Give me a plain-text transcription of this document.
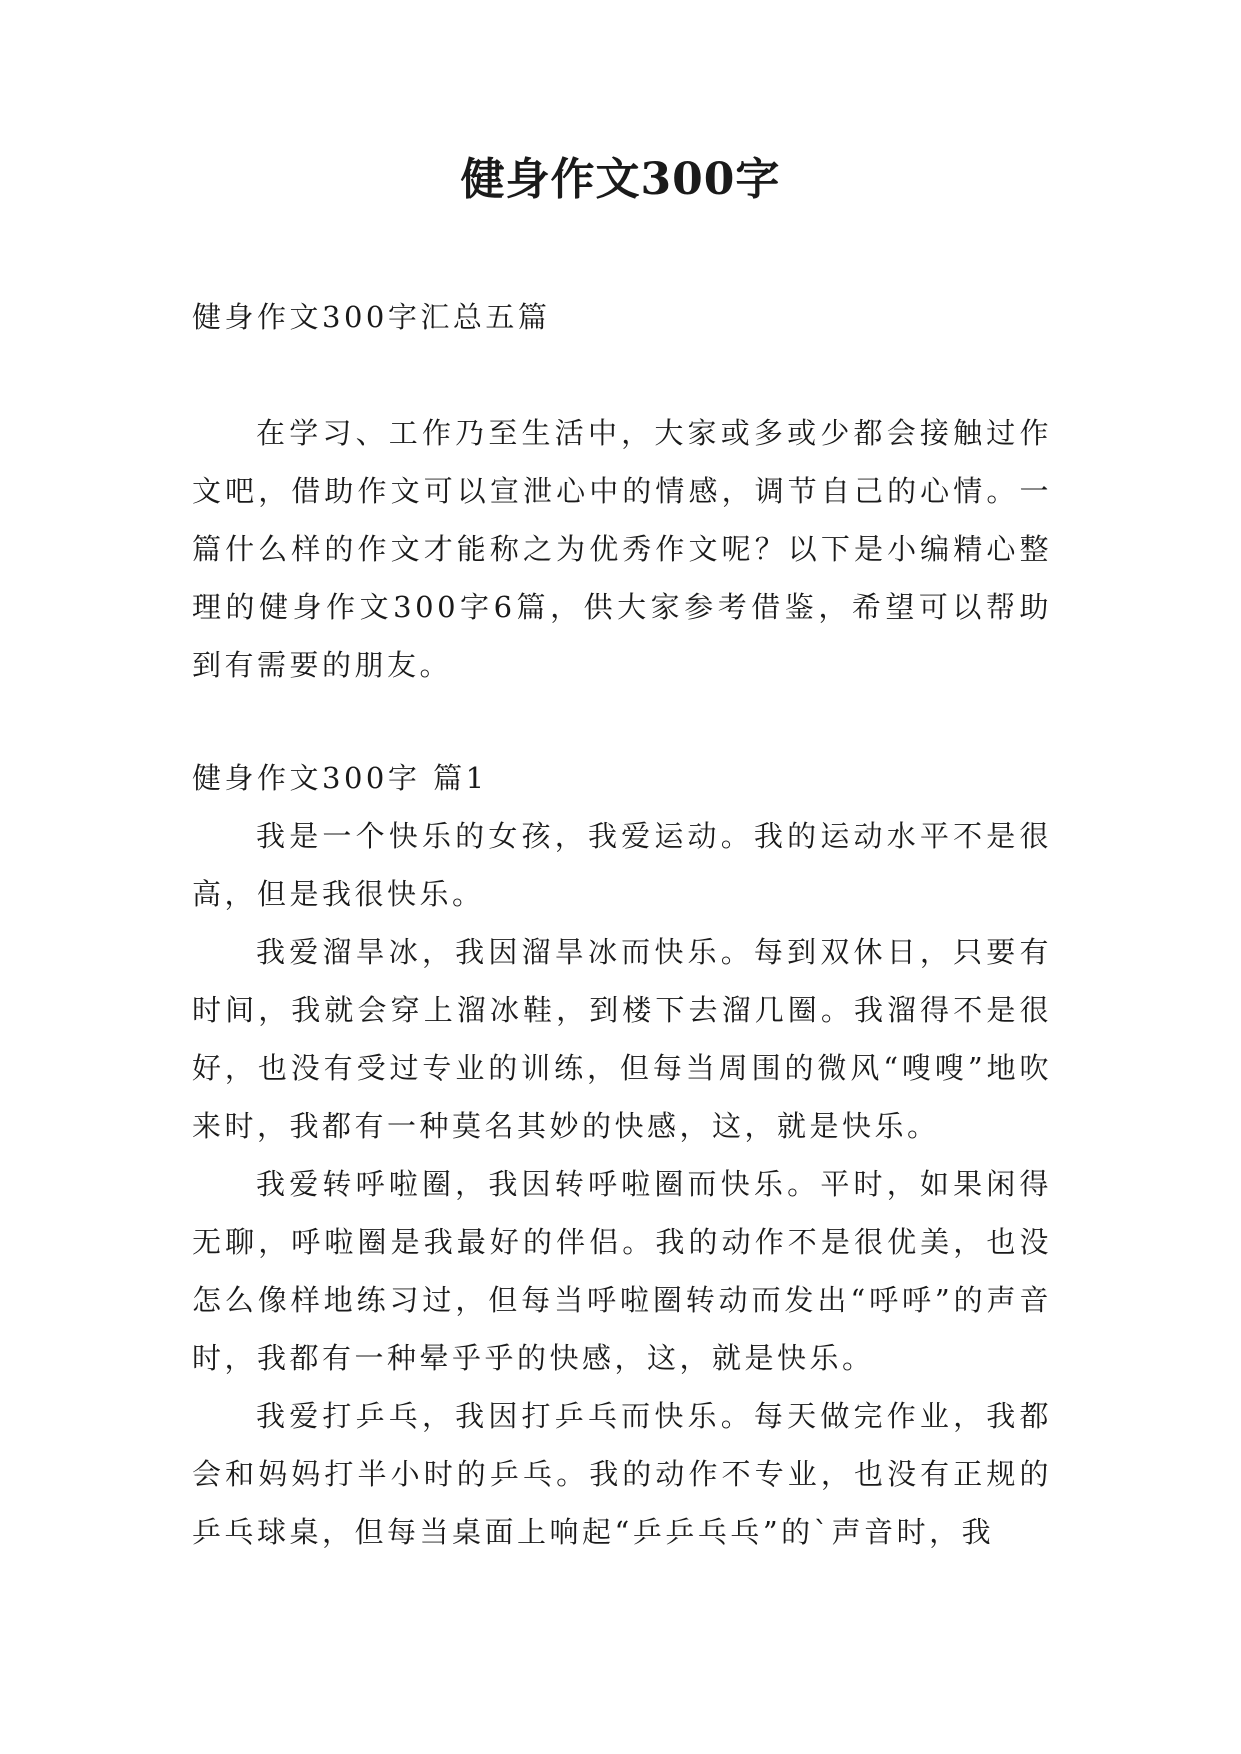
健身作文300字
健身作文300字汇总五篇

在学习、工作乃至生活中，大家或多或少都会接触过作文吧，借助作文可以宣泄心中的情感，调节自己的心情。一篇什么样的作文才能称之为优秀作文呢？以下是小编精心整理的健身作文300字6篇，供大家参考借鉴，希望可以帮助到有需要的朋友。

健身作文300字 篇1

我是一个快乐的女孩，我爱运动。我的运动水平不是很高，但是我很快乐。

我爱溜旱冰，我因溜旱冰而快乐。每到双休日，只要有时间，我就会穿上溜冰鞋，到楼下去溜几圈。我溜得不是很好，也没有受过专业的训练，但每当周围的微风“嗖嗖”地吹来时，我都有一种莫名其妙的快感，这，就是快乐。

我爱转呼啦圈，我因转呼啦圈而快乐。平时，如果闲得无聊，呼啦圈是我最好的伴侣。我的动作不是很优美，也没怎么像样地练习过，但每当呼啦圈转动而发出“呼呼”的声音时，我都有一种晕乎乎的快感，这，就是快乐。

我爱打乒乓，我因打乒乓而快乐。每天做完作业，我都会和妈妈打半小时的乒乓。我的动作不专业，也没有正规的乒乓球桌，但每当桌面上响起“乒乒乓乓”的`声音时，我
